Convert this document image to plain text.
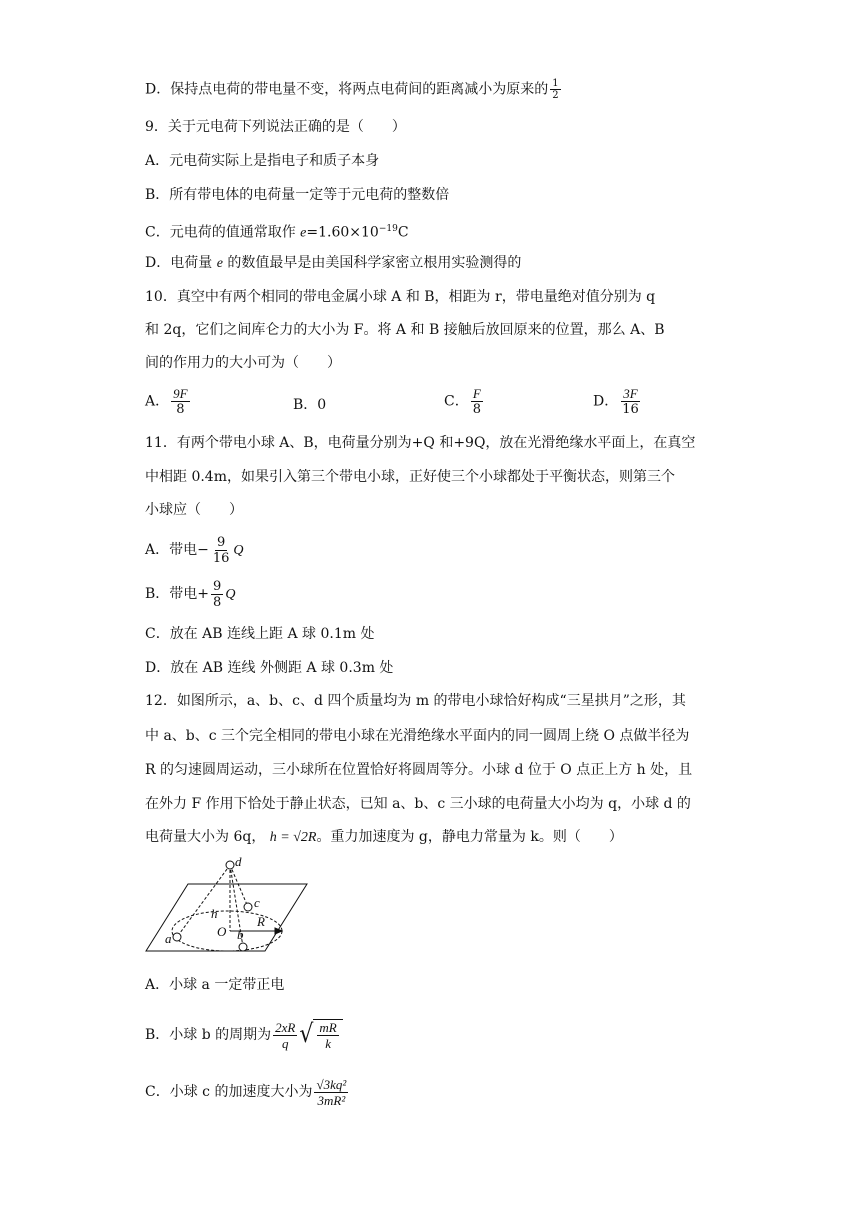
D．保持点电荷的带电量不变，将两点电荷间的距离减小为原来的 $\frac{1}{2}$
9．关于元电荷下列说法正确的是（　　）
A．元电荷实际上是指电子和质子本身
B．所有带电体的电荷量一定等于元电荷的整数倍
C．元电荷的值通常取作 $e=1.60\times 10^{-19}C$
D．电荷量 e 的数值最早是由美国科学家密立根用实验测得的
10．真空中有两个相同的带电金属小球 A 和 B，相距为 r，带电量绝对值分别为 q
和 2q，它们之间库仑力的大小为 F。将 A 和 B 接触后放回原来的位置，那么 A、B
间的作用力的大小可为（　　）
A． $\frac{9F}{8}$	B．0	C． $\frac{F}{8}$	D． $\frac{3F}{16}$
11．有两个带电小球 A、B，电荷量分别为+Q 和+9Q，放在光滑绝缘水平面上，在真空
中相距 0.4m，如果引入第三个带电小球，正好使三个小球都处于平衡状态，则第三个
小球应（　　）
A．带电− $\frac{9}{16}$ Q
B．带电+ $\frac{9}{8}$ Q
C．放在 AB 连线上距 A 球 0.1m 处
D．放在 AB 连线 外侧距 A 球 0.3m 处
12．如图所示，a、b、c、d 四个质量均为 m 的带电小球恰好构成“三星拱月”之形，其
中 a、b、c 三个完全相同的带电小球在光滑绝缘水平面内的同一圆周上绕 O 点做半径为
R 的匀速圆周运动，三小球所在位置恰好将圆周等分。小球 d 位于 O 点正上方 h 处，且
在外力 F 作用下恰处于静止状态，已知 a、b、c 三小球的电荷量大小均为 q，小球 d 的
电荷量大小为 6q， h = √2R。重力加速度为 g，静电力常量为 k。则（　　）
d
c
h
R
O
a	b
A．小球 a 一定带正电
B．小球 b 的周期为 $\frac{2xR}{q}$ √ $\frac{mR}{k}$
C．小球 c 的加速度大小为 $\frac{\text{√3kq²}}{\text{3mR²}}$
